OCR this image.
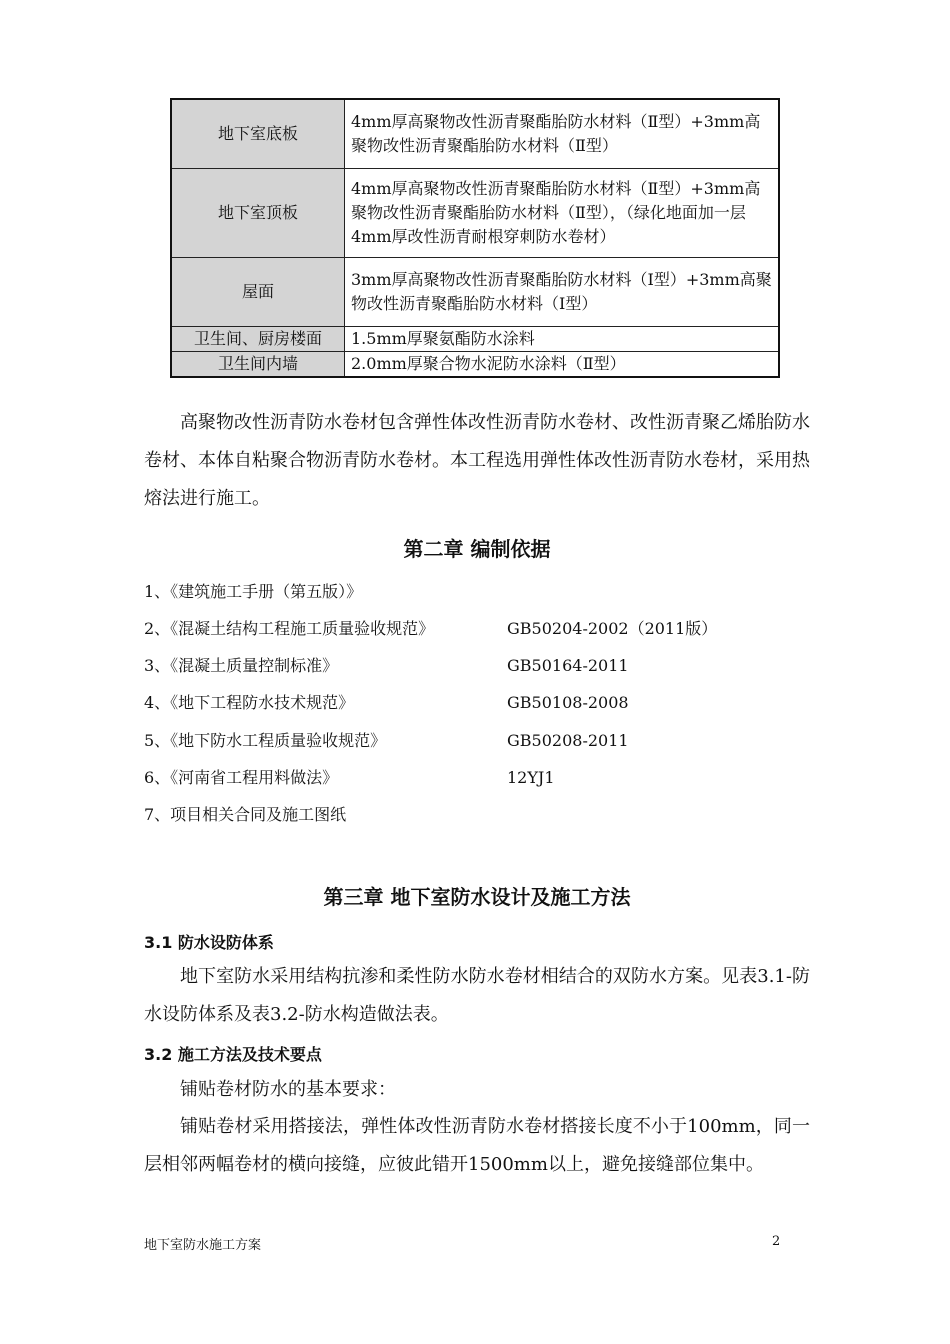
地下室底板	4mm厚高聚物改性沥青聚酯胎防水材料（Ⅱ型）+3mm高聚物改性沥青聚酯胎防水材料（Ⅱ型）
地下室顶板	4mm厚高聚物改性沥青聚酯胎防水材料（Ⅱ型）+3mm高聚物改性沥青聚酯胎防水材料（Ⅱ型），（绿化地面加一层4mm厚改性沥青耐根穿刺防水卷材）
屋面	3mm厚高聚物改性沥青聚酯胎防水材料（Ⅰ型）+3mm高聚物改性沥青聚酯胎防水材料（Ⅰ型）
卫生间、厨房楼面	1.5mm厚聚氨酯防水涂料
卫生间内墙	2.0mm厚聚合物水泥防水涂料（Ⅱ型）
高聚物改性沥青防水卷材包含弹性体改性沥青防水卷材、改性沥青聚乙烯胎防水卷材、本体自粘聚合物沥青防水卷材。本工程选用弹性体改性沥青防水卷材，采用热熔法进行施工。
第二章 编制依据
1、《建筑施工手册（第五版）》
2、《混凝土结构工程施工质量验收规范》	GB50204-2002（2011版）
3、《混凝土质量控制标准》	GB50164-2011
4、《地下工程防水技术规范》	GB50108-2008
5、《地下防水工程质量验收规范》	GB50208-2011
6、《河南省工程用料做法》	12YJ1
7、项目相关合同及施工图纸
第三章 地下室防水设计及施工方法
3.1 防水设防体系
地下室防水采用结构抗渗和柔性防水防水卷材相结合的双防水方案。见表3.1-防水设防体系及表3.2-防水构造做法表。
3.2 施工方法及技术要点
铺贴卷材防水的基本要求：
铺贴卷材采用搭接法，弹性体改性沥青防水卷材搭接长度不小于100mm，同一层相邻两幅卷材的横向接缝，应彼此错开1500mm以上，避免接缝部位集中。
地下室防水施工方案	2
